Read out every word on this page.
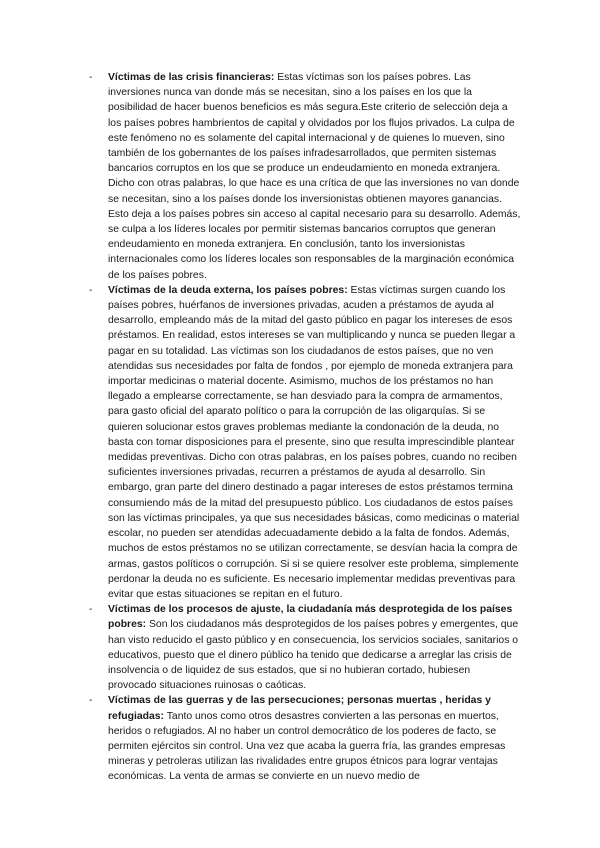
- Víctimas de las crisis financieras: Estas víctimas son los países pobres. Las inversiones nunca van donde más se necesitan, sino a los países en los que la posibilidad de hacer buenos beneficios es más segura.Este criterio de selección deja a los países pobres hambrientos de capital y olvidados por los flujos privados. La culpa de este fenómeno no es solamente del capital internacional y de quienes lo mueven, sino también de los gobernantes de los países infradesarrollados, que permiten sistemas bancarios corruptos en los que se produce un endeudamiento en moneda extranjera. Dicho con otras palabras, lo que hace es una crítica de que las inversiones no van donde se necesitan, sino a los países donde los inversionistas obtienen mayores ganancias. Esto deja a los países pobres sin acceso al capital necesario para su desarrollo. Además, se culpa a los líderes locales por permitir sistemas bancarios corruptos que generan endeudamiento en moneda extranjera. En conclusión, tanto los inversionistas internacionales como los líderes locales son responsables de la marginación económica de los países pobres.
- Víctimas de la deuda externa, los países pobres: Estas víctimas surgen cuando los países pobres, huérfanos de inversiones privadas, acuden a préstamos de ayuda al desarrollo, empleando más de la mitad del gasto público en pagar los intereses de esos préstamos. En realidad, estos intereses se van multiplicando y nunca se pueden llegar a pagar en su totalidad. Las víctimas son los ciudadanos de estos países, que no ven atendidas sus necesidades por falta de fondos , por ejemplo de moneda extranjera para importar medicinas o material docente. Asimismo, muchos de los préstamos no han llegado a emplearse correctamente, se han desviado para la compra de armamentos, para gasto oficial del aparato político o para la corrupción de las oligarquías. Si se quieren solucionar estos graves problemas mediante la condonación de la deuda, no basta con tomar disposiciones para el presente, sino que resulta imprescindible plantear medidas preventivas. Dicho con otras palabras, en los países pobres, cuando no reciben suficientes inversiones privadas, recurren a préstamos de ayuda al desarrollo. Sin embargo, gran parte del dinero destinado a pagar intereses de estos préstamos termina consumiendo más de la mitad del presupuesto público. Los ciudadanos de estos países son las víctimas principales, ya que sus necesidades básicas, como medicinas o material escolar, no pueden ser atendidas adecuadamente debido a la falta de fondos. Además, muchos de estos préstamos no se utilizan correctamente, se desvían hacia la compra de armas, gastos políticos o corrupción. Si si se quiere resolver este problema, simplemente perdonar la deuda no es suficiente. Es necesario implementar medidas preventivas para evitar que estas situaciones se repitan en el futuro.
- Víctimas de los procesos de ajuste, la ciudadanía más desprotegida de los países pobres: Son los ciudadanos más desprotegidos de los países pobres y emergentes, que han visto reducido el gasto público y en consecuencia, los servicios sociales, sanitarios o educativos, puesto que el dinero público ha tenido que dedicarse a arreglar las crisis de insolvencia o de liquidez de sus estados, que si no hubieran cortado, hubiesen provocado situaciones ruinosas o caóticas.
- Víctimas de las guerras y de las persecuciones; personas muertas , heridas y refugiadas: Tanto unos como otros desastres convierten a las personas en muertos, heridos o refugiados. Al no haber un control democrático de los poderes de facto, se permiten ejércitos sin control. Una vez que acaba la guerra fría, las grandes empresas mineras y petroleras utilizan las rivalidades entre grupos étnicos para lograr ventajas económicas. La venta de armas se convierte en un nuevo medio de
